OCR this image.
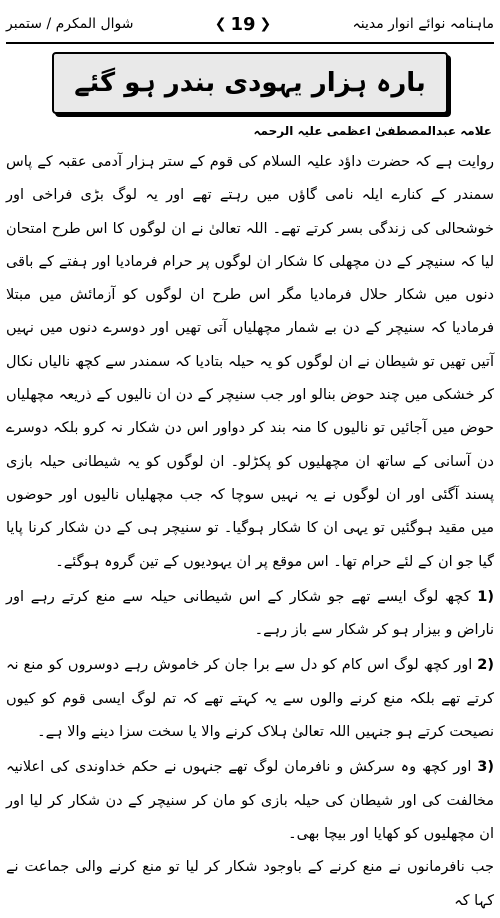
ماہنامہ نوائے انوار مدینہ
❮ 19 ❯
شوال المکرم / ستمبر
بارہ ہزار یہودی بندر ہو گئے
علامہ عبدالمصطفیٰ اعظمی علیہ الرحمہ

روایت ہے کہ حضرت داؤد علیہ السلام کی قوم کے ستر ہزار آدمی عقبہ کے پاس سمندر کے کنارے ایلہ نامی گاؤں میں رہتے تھے اور یہ لوگ بڑی فراخی اور خوشحالی کی زندگی بسر کرتے تھے۔ اللہ تعالیٰ نے ان لوگوں کا اس طرح امتحان لیا کہ سنیچر کے دن مچھلی کا شکار ان لوگوں پر حرام فرمادیا اور ہفتے کے باقی دنوں میں شکار حلال فرمادیا مگر اس طرح ان لوگوں کو آزمائش میں مبتلا فرمادیا کہ سنیچر کے دن بے شمار مچھلیاں آتی تھیں اور دوسرے دنوں میں نہیں آتیں تھیں تو شیطان نے ان لوگوں کو یہ حیلہ بتادیا کہ سمندر سے کچھ نالیاں نکال کر خشکی میں چند حوض بنالو اور جب سنیچر کے دن ان نالیوں کے ذریعہ مچھلیاں حوض میں آجائیں تو نالیوں کا منہ بند کر دواور اس دن شکار نہ کرو بلکہ دوسرے دن آسانی کے ساتھ ان مچھلیوں کو پکڑلو۔ ان لوگوں کو یہ شیطانی حیلہ بازی پسند آگئی اور ان لوگوں نے یہ نہیں سوچا کہ جب مچھلیاں نالیوں اور حوضوں میں مقید ہوگئیں تو یہی ان کا شکار ہوگیا۔ تو سنیچر ہی کے دن شکار کرنا پایا گیا جو ان کے لئے حرام تھا۔ اس موقع پر ان یہودیوں کے تین گروہ ہوگئے۔

(1 کچھ لوگ ایسے تھے جو شکار کے اس شیطانی حیلہ سے منع کرتے رہے اور ناراض و بیزار ہو کر شکار سے باز رہے۔

(2 اور کچھ لوگ اس کام کو دل سے برا جان کر خاموش رہے دوسروں کو منع نہ کرتے تھے بلکہ منع کرنے والوں سے یہ کہتے تھے کہ تم لوگ ایسی قوم کو کیوں نصیحت کرتے ہو جنہیں اللہ تعالیٰ ہلاک کرنے والا یا سخت سزا دینے والا ہے۔

(3 اور کچھ وہ سرکش و نافرمان لوگ تھے جنہوں نے حکم خداوندی کی اعلانیہ مخالفت کی اور شیطان کی حیلہ بازی کو مان کر سنیچر کے دن شکار کر لیا اور ان مچھلیوں کو کھایا اور بیچا بھی۔

جب نافرمانوں نے منع کرنے کے باوجود شکار کر لیا تو منع کرنے والی جماعت نے کہا کہ
